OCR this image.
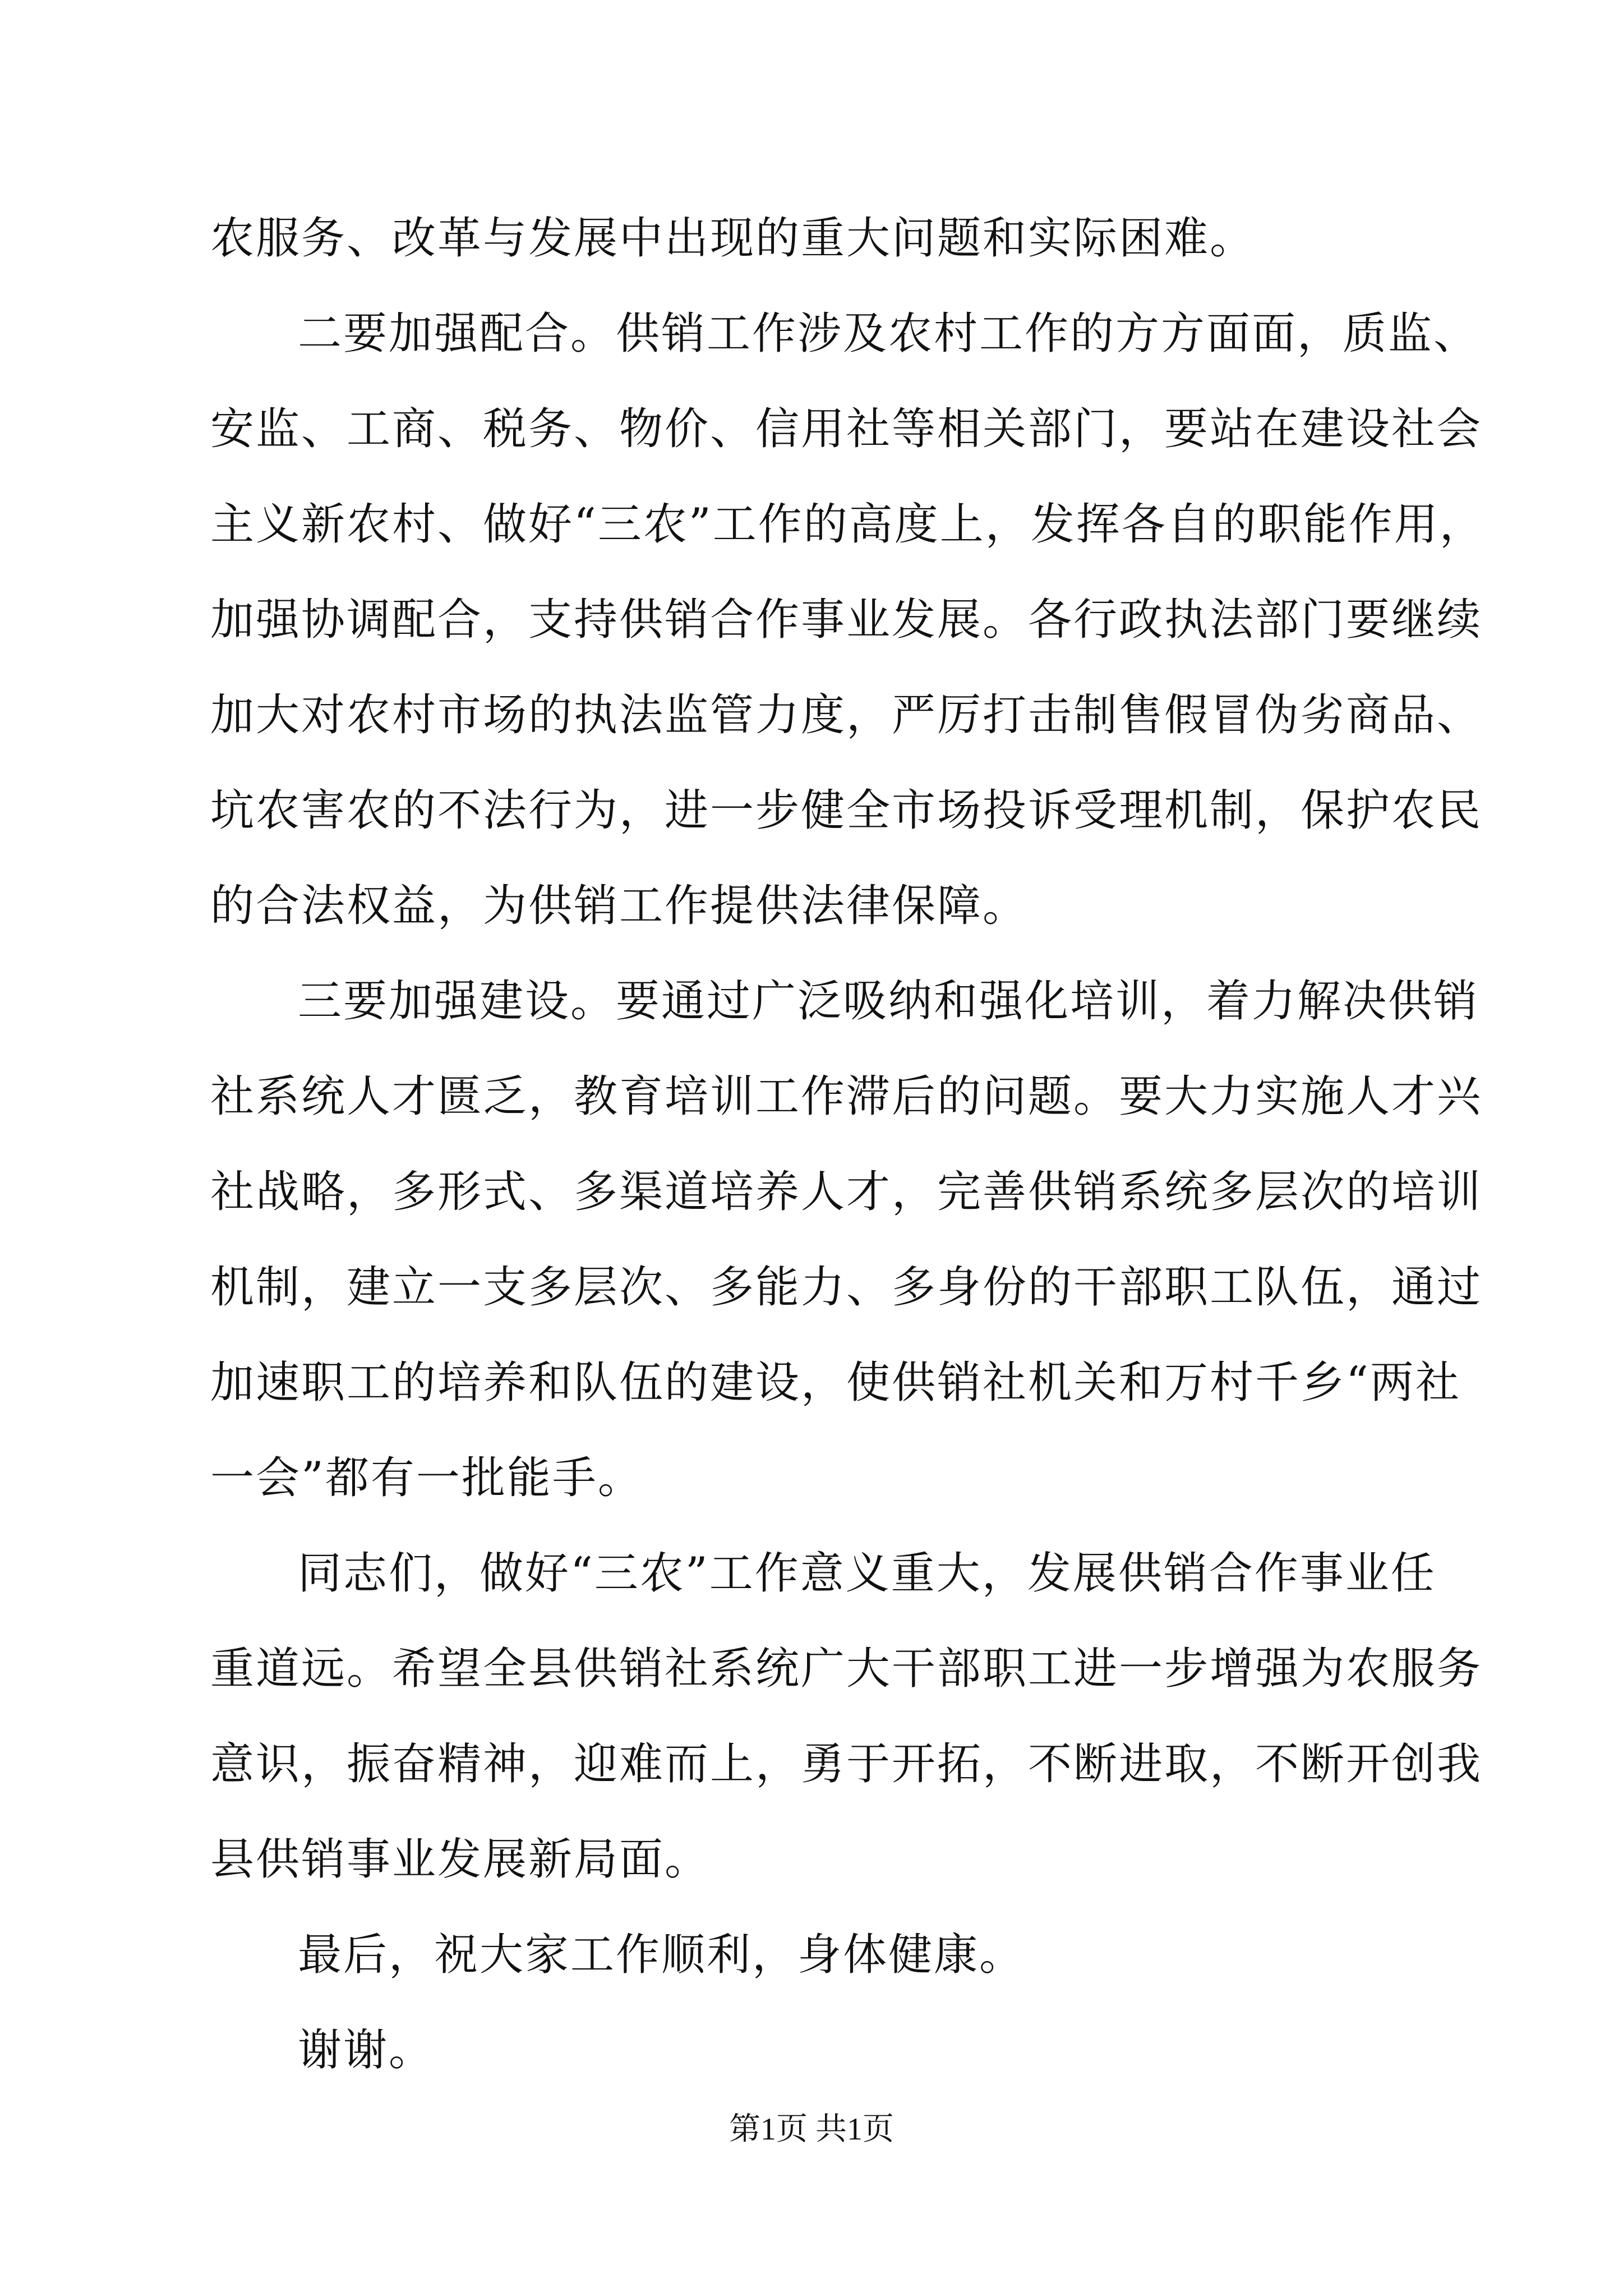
农服务、改革与发展中出现的重大问题和实际困难。
二要加强配合。供销工作涉及农村工作的方方面面，质监、
安监、工商、税务、物价、信用社等相关部门，要站在建设社会
主义新农村、做好“三农”工作的高度上，发挥各自的职能作用，
加强协调配合，支持供销合作事业发展。各行政执法部门要继续
加大对农村市场的执法监管力度，严厉打击制售假冒伪劣商品、
坑农害农的不法行为，进一步健全市场投诉受理机制，保护农民
的合法权益，为供销工作提供法律保障。
三要加强建设。要通过广泛吸纳和强化培训，着力解决供销
社系统人才匮乏，教育培训工作滞后的问题。要大力实施人才兴
社战略，多形式、多渠道培养人才，完善供销系统多层次的培训
机制，建立一支多层次、多能力、多身份的干部职工队伍，通过
加速职工的培养和队伍的建设，使供销社机关和万村千乡“两社
一会”都有一批能手。
同志们，做好“三农”工作意义重大，发展供销合作事业任
重道远。希望全县供销社系统广大干部职工进一步增强为农服务
意识，振奋精神，迎难而上，勇于开拓，不断进取，不断开创我
县供销事业发展新局面。
最后，祝大家工作顺利，身体健康。
谢谢。
第1页 共1页
